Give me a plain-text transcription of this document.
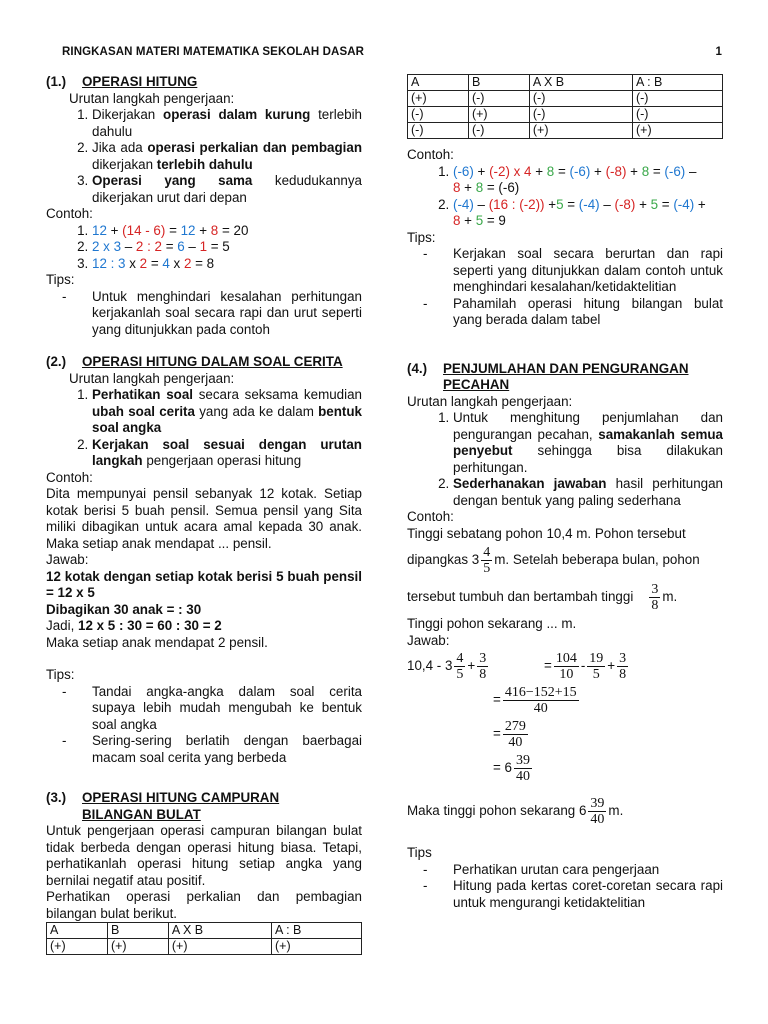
RINGKASAN MATERI MATEMATIKA SEKOLAH DASAR	1

(1.) OPERASI HITUNG

Urutan langkah pengerjaan:
1. Dikerjakan operasi dalam kurung terlebih dahulu
2. Jika ada operasi perkalian dan pembagian dikerjakan terlebih dahulu
3. Operasi yang sama kedudukannya dikerjakan urut dari depan
Contoh:
1. 12 + (14 - 6) = 12 + 8 = 20
2. 2 x 3 – 2 : 2 = 6 – 1 = 5
3. 12 : 3 x 2 = 4 x 2 = 8
Tips:
- Untuk menghindari kesalahan perhitungan kerjakanlah soal secara rapi dan urut seperti yang ditunjukkan pada contoh

(2.) OPERASI HITUNG DALAM SOAL CERITA

Urutan langkah pengerjaan:
1. Perhatikan soal secara seksama kemudian ubah soal cerita yang ada ke dalam bentuk soal angka
2. Kerjakan soal sesuai dengan urutan langkah pengerjaan operasi hitung
Contoh:
Dita mempunyai pensil sebanyak 12 kotak. Setiap kotak berisi 5 buah pensil. Semua pensil yang Sita miliki dibagikan untuk acara amal kepada 30 anak. Maka setiap anak mendapat ... pensil.
Jawab:
12 kotak dengan setiap kotak berisi 5 buah pensil = 12 x 5
Dibagikan 30 anak = : 30
Jadi, 12 x 5 : 30 = 60 : 30 = 2
Maka setiap anak mendapat 2 pensil.
Tips:
- Tandai angka-angka dalam soal cerita supaya lebih mudah mengubah ke bentuk soal angka
- Sering-sering berlatih dengan baerbagai macam soal cerita yang berbeda

(3.) OPERASI HITUNG CAMPURAN

BILANGAN BULAT

Untuk pengerjaan operasi campuran bilangan bulat tidak berbeda dengan operasi hitung biasa. Tetapi, perhatikanlah operasi hitung setiap angka yang bernilai negatif atau positif.
Perhatikan operasi perkalian dan pembagian bilangan bulat berikut.
A	B	A X B	A : B
(+)	(+)	(+)	(+)
A	B	A X B	A : B
(+)	(-)	(-)	(-)
(-)	(+)	(-)	(-)
(-)	(-)	(+)	(+)
Contoh:
1. (-6) + (-2) x 4 + 8 = (-6) + (-8) + 8 = (-6) –
8 + 8 = (-6)
2. (-4) – (16 : (-2)) +5 = (-4) – (-8) + 5 = (-4) +
8 + 5 = 9
Tips:
- Kerjakan soal secara berurtan dan rapi seperti yang ditunjukkan dalam contoh untuk menghindari kesalahan/ketidaktelitian
- Pahamilah operasi hitung bilangan bulat yang berada dalam tabel

(4.) PENJUMLAHAN DAN PENGURANGAN

PECAHAN

Urutan langkah pengerjaan:
1. Untuk menghitung penjumlahan dan pengurangan pecahan, samakanlah semua penyebut sehingga bisa dilakukan perhitungan.
2. Sederhanakan jawaban hasil perhitungan dengan bentuk yang paling sederhana
Contoh:
Tinggi sebatang pohon 10,4 m. Pohon tersebut
dipangkas $3 \frac{4}{5} m$. Setelah beberapa bulan, pohon
tersebut tumbuh dan bertambah tinggi $\frac{3}{8} m$.
Tinggi pohon sekarang ... m.
Jawab:
$10,4 - 3 \frac{4}{5} + \frac{3}{8}$	= $\frac{104}{10} - \frac{19}{5} + \frac{3}{8}$
= $\frac{416-152+15}{40}$
= $\frac{279}{40}$
= $6 \frac{39}{40}$
Maka tinggi pohon sekarang $6 \frac{39}{40} m$.
Tips
- Perhatikan urutan cara pengerjaan
- Hitung pada kertas coret-coretan secara rapi untuk mengurangi ketidaktelitian
